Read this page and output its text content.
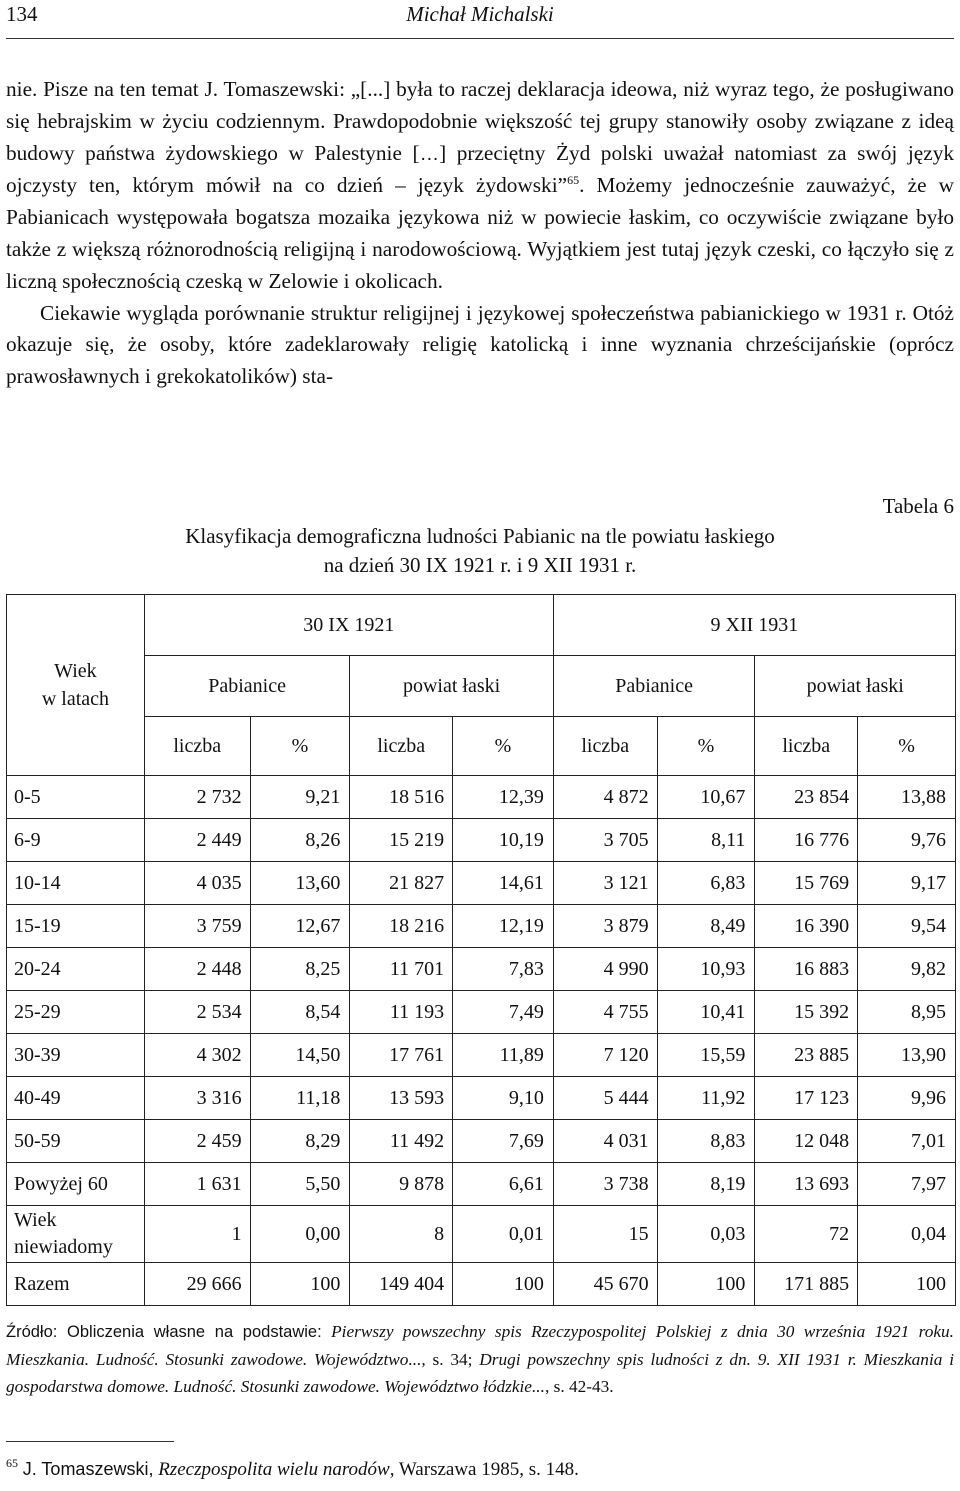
134	Michał Michalski

nie. Pisze na ten temat J. Tomaszewski: „[...] była to raczej deklaracja ideowa, niż wyraz tego, że posługiwano się hebrajskim w życiu codziennym. Prawdopodobnie większość tej grupy stanowiły osoby związane z ideą budowy państwa żydowskiego w Palestynie […] przeciętny Żyd polski uważał natomiast za swój język ojczysty ten, którym mówił na co dzień – język żydowski”$^{65}$. Możemy jednocześnie zauważyć, że w Pabianicach występowała bogatsza mozaika językowa niż w powiecie łaskim, co oczywiście związane było także z większą różnorodnością religijną i narodowościową. Wyjątkiem jest tutaj język czeski, co łączyło się z liczną społecznością czeską w Zelowie i okolicach.

Ciekawie wygląda porównanie struktur religijnej i językowej społeczeństwa pabianickiego w 1931 r. Otóż okazuje się, że osoby, które zadeklarowały religię katolicką i inne wyznania chrześcijańskie (oprócz prawosławnych i grekokatolików) sta-

Tabela 6
Klasyfikacja demograficzna ludności Pabianic na tle powiatu łaskiego
na dzień 30 IX 1921 r. i 9 XII 1931 r.
Wiek
w latach	30 IX 1921				9 XII 1931			
	Pabianice		powiat łaski		Pabianice		powiat łaski	
	liczba	%	liczba	%	liczba	%	liczba	%
0-5	2 732	9,21	18 516	12,39	4 872	10,67	23 854	13,88
6-9	2 449	8,26	15 219	10,19	3 705	8,11	16 776	9,76
10-14	4 035	13,60	21 827	14,61	3 121	6,83	15 769	9,17
15-19	3 759	12,67	18 216	12,19	3 879	8,49	16 390	9,54
20-24	2 448	8,25	11 701	7,83	4 990	10,93	16 883	9,82
25-29	2 534	8,54	11 193	7,49	4 755	10,41	15 392	8,95
30-39	4 302	14,50	17 761	11,89	7 120	15,59	23 885	13,90
40-49	3 316	11,18	13 593	9,10	5 444	11,92	17 123	9,96
50-59	2 459	8,29	11 492	7,69	4 031	8,83	12 048	7,01
Powyżej 60	1 631	5,50	9 878	6,61	3 738	8,19	13 693	7,97

Wiek
niewiadomy	1	0,00	8	0,01	15	0,03	72	0,04
Razem	29 666	100	149 404	100	45 670	100	171 885	100
Źródło: Obliczenia własne na podstawie: Pierwszy powszechny spis Rzeczypospolitej Polskiej z dnia 30 września 1921 roku. Mieszkania. Ludność. Stosunki zawodowe. Województwo..., s. 34; Drugi powszechny spis ludności z dn. 9. XII 1931 r. Mieszkania i gospodarstwa domowe. Ludność. Stosunki zawodowe. Województwo łódzkie..., s. 42-43.
$^{65}$ J. Tomaszewski, Rzeczpospolita wielu narodów, Warszawa 1985, s. 148.
